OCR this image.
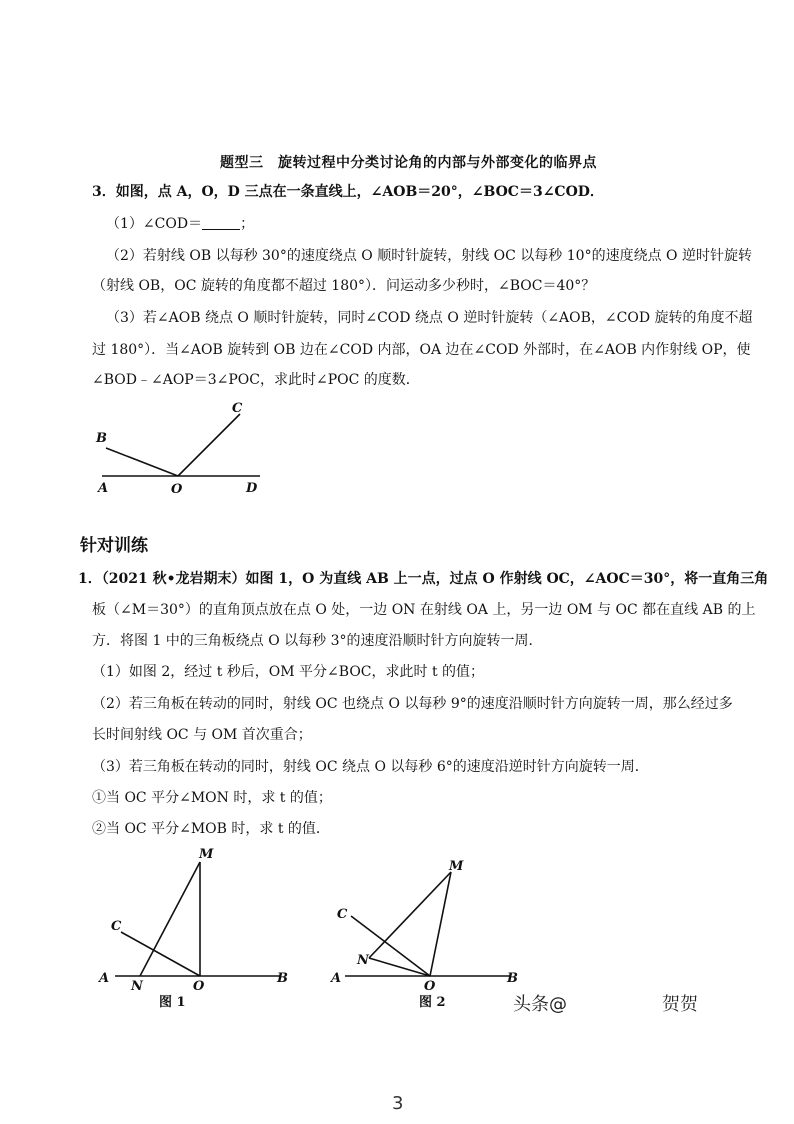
题型三　旋转过程中分类讨论角的内部与外部变化的临界点
3．如图，点 A，O，D 三点在一条直线上，∠AOB＝20°，∠BOC＝3∠COD．
（1）∠COD＝	；
（2）若射线 OB 以每秒 30°的速度绕点 O 顺时针旋转，射线 OC 以每秒 10°的速度绕点 O 逆时针旋转
（射线 OB，OC 旋转的角度都不超过 180°）．问运动多少秒时，∠BOC＝40°？
（3）若∠AOB 绕点 O 顺时针旋转，同时∠COD 绕点 O 逆时针旋转（∠AOB，∠COD 旋转的角度不超
过 180°）．当∠AOB 旋转到 OB 边在∠COD 内部，OA 边在∠COD 外部时，在∠AOB 内作射线 OP，使
∠BOD﹣∠AOP＝3∠POC，求此时∠POC 的度数．
B
C
A	O	D
针对训练
1．（2021 秋•龙岩期末）如图 1，O 为直线 AB 上一点，过点 O 作射线 OC，∠AOC＝30°，将一直角三角
板（∠M＝30°）的直角顶点放在点 O 处，一边 ON 在射线 OA 上，另一边 OM 与 OC 都在直线 AB 的上
方．将图 1 中的三角板绕点 O 以每秒 3°的速度沿顺时针方向旋转一周．
（1）如图 2，经过 t 秒后，OM 平分∠BOC，求此时 t 的值；
（2）若三角板在转动的同时，射线 OC 也绕点 O 以每秒 9°的速度沿顺时针方向旋转一周，那么经过多
长时间射线 OC 与 OM 首次重合；
（3）若三角板在转动的同时，射线 OC 绕点 O 以每秒 6°的速度沿逆时针方向旋转一周．
①当 OC 平分∠MON 时，求 t 的值；
②当 OC 平分∠MOB 时，求 t 的值．
M
C
A
N	O
B
图 1
M
C
N
A
O
B
图 2	头条@	贺贺
3
